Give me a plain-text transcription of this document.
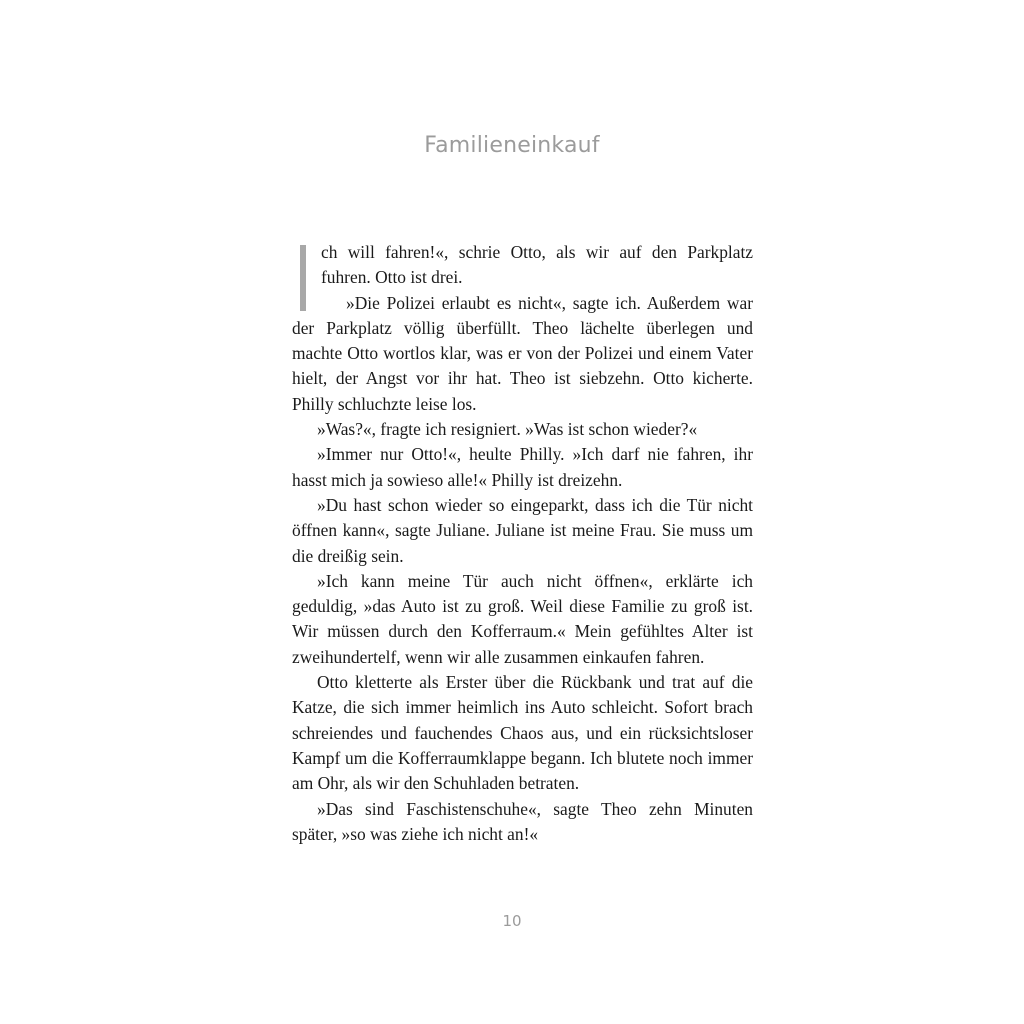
Familieneinkauf

ch will fahren!«, schrie Otto, als wir auf den Parkplatz fuhren. Otto ist drei.

»Die Polizei erlaubt es nicht«, sagte ich. Außerdem war der Parkplatz völlig überfüllt. Theo lächelte überlegen und machte Otto wortlos klar, was er von der Polizei und einem Vater hielt, der Angst vor ihr hat. Theo ist siebzehn. Otto kicherte. Philly schluchzte leise los.

»Was?«, fragte ich resigniert. »Was ist schon wieder?«

»Immer nur Otto!«, heulte Philly. »Ich darf nie fahren, ihr hasst mich ja sowieso alle!« Philly ist dreizehn.

»Du hast schon wieder so eingeparkt, dass ich die Tür nicht öffnen kann«, sagte Juliane. Juliane ist meine Frau. Sie muss um die dreißig sein.

»Ich kann meine Tür auch nicht öffnen«, erklärte ich geduldig, »das Auto ist zu groß. Weil diese Familie zu groß ist. Wir müssen durch den Kofferraum.« Mein gefühltes Alter ist zweihundertelf, wenn wir alle zusammen einkaufen fahren.

Otto kletterte als Erster über die Rückbank und trat auf die Katze, die sich immer heimlich ins Auto schleicht. Sofort brach schreiendes und fauchendes Chaos aus, und ein rücksichtsloser Kampf um die Kofferraumklappe begann. Ich blutete noch immer am Ohr, als wir den Schuhladen betraten.

»Das sind Faschistenschuhe«, sagte Theo zehn Minuten später, »so was ziehe ich nicht an!«

10
